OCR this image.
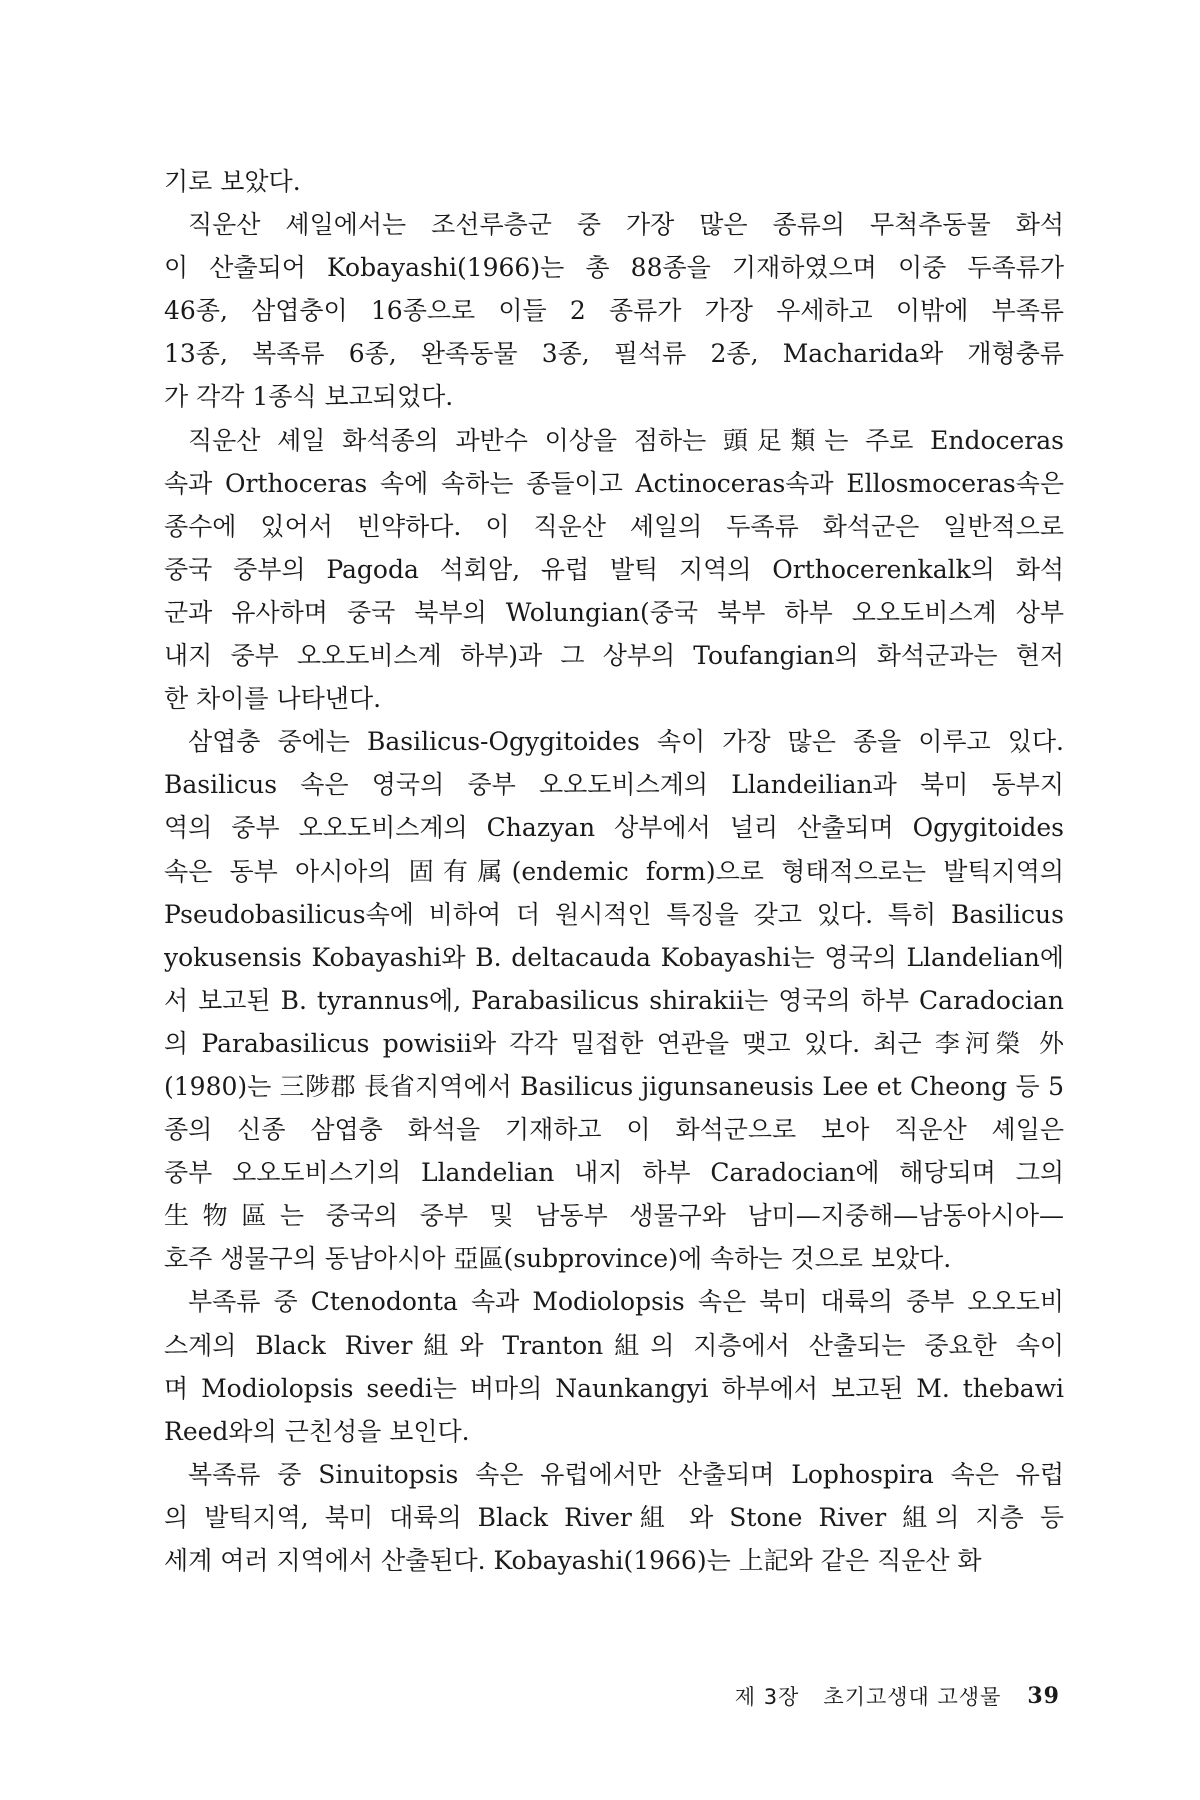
기로 보았다.
직운산 셰일에서는 조선루층군 중 가장 많은 종류의 무척추동물 화석
이 산출되어 Kobayashi(1966)는 총 88종을 기재하였으며 이중 두족류가
46종, 삼엽충이 16종으로 이들 2 종류가 가장 우세하고 이밖에 부족류
13종, 복족류 6종, 완족동물 3종, 필석류 2종, Macharida와 개형충류
가 각각 1종식 보고되었다.
직운산 셰일 화석종의 과반수 이상을 점하는 頭足類는 주로 Endoceras
속과 Orthoceras 속에 속하는 종들이고 Actinoceras속과 Ellosmoceras속은
종수에 있어서 빈약하다. 이 직운산 셰일의 두족류 화석군은 일반적으로
중국 중부의 Pagoda 석회암, 유럽 발틱 지역의 Orthocerenkalk의 화석
군과 유사하며 중국 북부의 Wolungian(중국 북부 하부 오오도비스계 상부
내지 중부 오오도비스계 하부)과 그 상부의 Toufangian의 화석군과는 현저
한 차이를 나타낸다.
삼엽충 중에는 Basilicus-Ogygitoides 속이 가장 많은 종을 이루고 있다.
Basilicus 속은 영국의 중부 오오도비스계의 Llandeilian과 북미 동부지
역의 중부 오오도비스계의 Chazyan 상부에서 널리 산출되며 Ogygitoides
속은 동부 아시아의 固有属(endemic form)으로 형태적으로는 발틱지역의
Pseudobasilicus속에 비하여 더 원시적인 특징을 갖고 있다. 특히 Basilicus
yokusensis Kobayashi와 B. deltacauda Kobayashi는 영국의 Llandelian에
서 보고된 B. tyrannus에, Parabasilicus shirakii는 영국의 하부 Caradocian
의 Parabasilicus powisii와 각각 밀접한 연관을 맺고 있다. 최근 李河榮 外
(1980)는 三陟郡 長省지역에서 Basilicus jigunsaneusis Lee et Cheong 등 5
종의 신종 삼엽충 화석을 기재하고 이 화석군으로 보아 직운산 셰일은
중부 오오도비스기의 Llandelian 내지 하부 Caradocian에 해당되며 그의
生物區는 중국의 중부 및 남동부 생물구와 남미—지중해—남동아시아—
호주 생물구의 동남아시아 亞區(subprovince)에 속하는 것으로 보았다.
부족류 중 Ctenodonta 속과 Modiolopsis 속은 북미 대륙의 중부 오오도비
스계의 Black River組와 Tranton組의 지층에서 산출되는 중요한 속이
며 Modiolopsis seedi는 버마의 Naunkangyi 하부에서 보고된 M. thebawi
Reed와의 근친성을 보인다.
복족류 중 Sinuitopsis 속은 유럽에서만 산출되며 Lophospira 속은 유럽
의 발틱지역, 북미 대륙의 Black River組 와 Stone River 組의 지층 등
세계 여러 지역에서 산출된다. Kobayashi(1966)는 上記와 같은 직운산 화
제 3장 초기고생대 고생물 39
